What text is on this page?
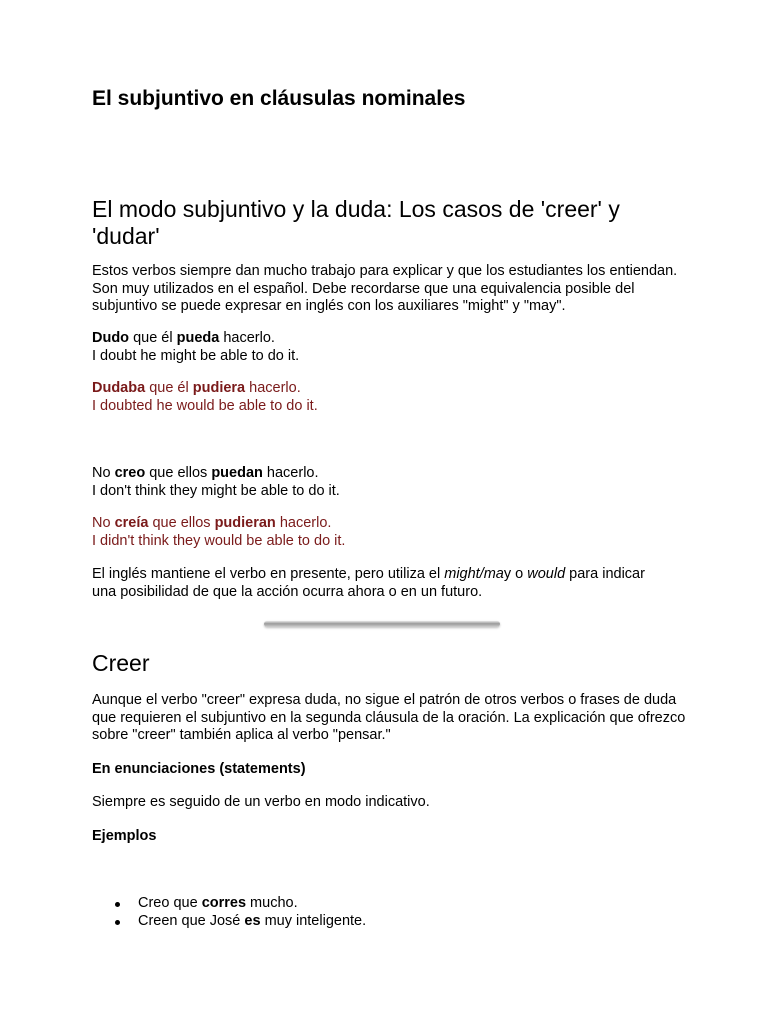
El subjuntivo en cláusulas nominales
El modo subjuntivo y la duda: Los casos de 'creer' y 'dudar'

Estos verbos siempre dan mucho trabajo para explicar y que los estudiantes los entiendan. Son muy utilizados en el español. Debe recordarse que una equivalencia posible del subjuntivo se puede expresar en inglés con los auxiliares "might" y "may".

Dudo que él pueda hacerlo.
I doubt he might be able to do it.

Dudaba que él pudiera hacerlo.
I doubted he would be able to do it.

No creo que ellos puedan hacerlo.
I don't think they might be able to do it.

No creía que ellos pudieran hacerlo.
I didn't think they would be able to do it.

El inglés mantiene el verbo en presente, pero utiliza el might/may o would para indicar una posibilidad de que la acción ocurra ahora o en un futuro.

Creer

Aunque el verbo "creer" expresa duda, no sigue el patrón de otros verbos o frases de duda que requieren el subjuntivo en la segunda cláusula de la oración. La explicación que ofrezco sobre "creer" también aplica al verbo "pensar."

En enunciaciones (statements)

Siempre es seguido de un verbo en modo indicativo.

Ejemplos

Creo que corres mucho.
Creen que José es muy inteligente.
